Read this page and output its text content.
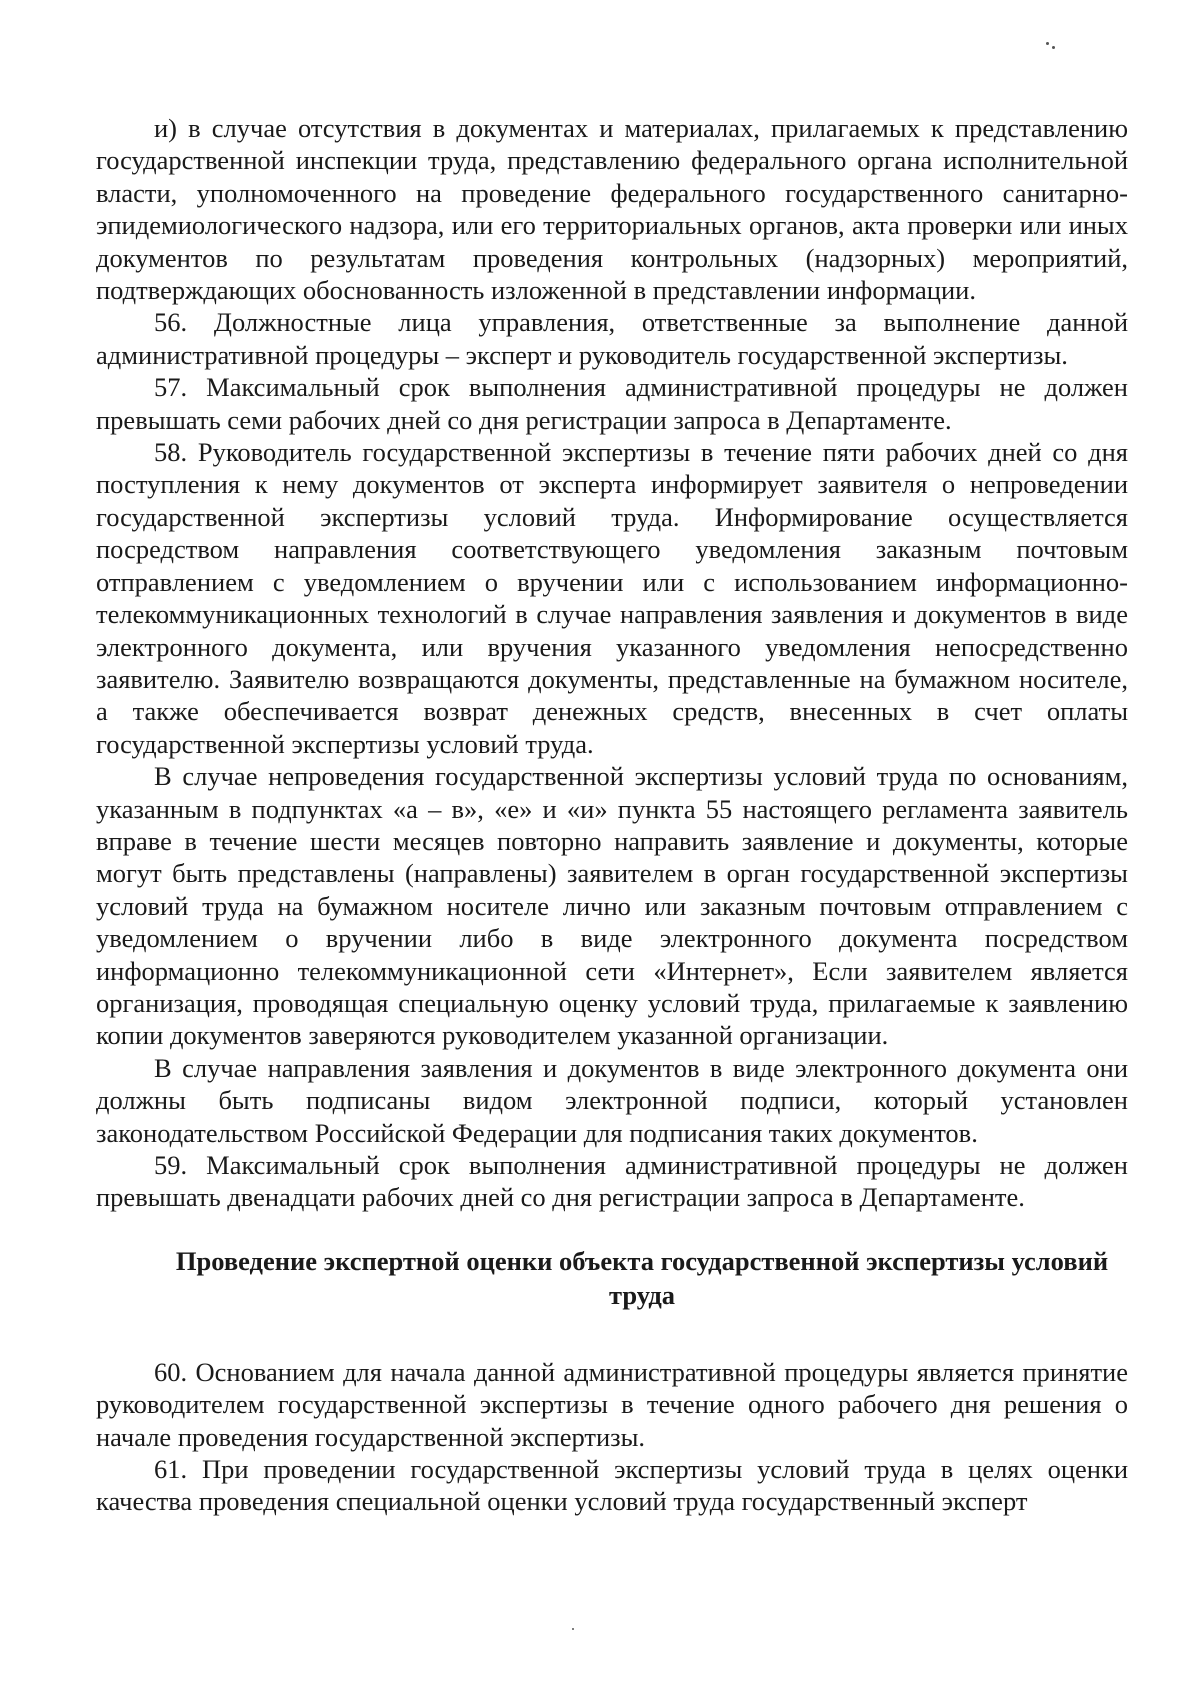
и) в случае отсутствия в документах и материалах, прилагаемых к представлению государственной инспекции труда, представлению федерального органа исполнительной власти, уполномоченного на проведение федерального государственного санитарно-эпидемиологического надзора, или его территориальных органов, акта проверки или иных документов по результатам проведения контрольных (надзорных) мероприятий, подтверждающих обоснованность изложенной в представлении информации.

56. Должностные лица управления, ответственные за выполнение данной административной процедуры – эксперт и руководитель государственной экспертизы.

57. Максимальный срок выполнения административной процедуры не должен превышать семи рабочих дней со дня регистрации запроса в Департаменте.

58. Руководитель государственной экспертизы в течение пяти рабочих дней со дня поступления к нему документов от эксперта информирует заявителя о непроведении государственной экспертизы условий труда. Информирование осуществляется посредством направления соответствующего уведомления заказным почтовым отправлением с уведомлением о вручении или с использованием информационно-телекоммуникационных технологий в случае направления заявления и документов в виде электронного документа, или вручения указанного уведомления непосредственно заявителю. Заявителю возвращаются документы, представленные на бумажном носителе, а также обеспечивается возврат денежных средств, внесенных в счет оплаты государственной экспертизы условий труда.

В случае непроведения государственной экспертизы условий труда по основаниям, указанным в подпунктах «а – в», «е» и «и» пункта 55 настоящего регламента заявитель вправе в течение шести месяцев повторно направить заявление и документы, которые могут быть представлены (направлены) заявителем в орган государственной экспертизы условий труда на бумажном носителе лично или заказным почтовым отправлением с уведомлением о вручении либо в виде электронного документа посредством информационно телекоммуникационной сети «Интернет», Если заявителем является организация, проводящая специальную оценку условий труда, прилагаемые к заявлению копии документов заверяются руководителем указанной организации.

В случае направления заявления и документов в виде электронного документа они должны быть подписаны видом электронной подписи, который установлен законодательством Российской Федерации для подписания таких документов.

59. Максимальный срок выполнения административной процедуры не должен превышать двенадцати рабочих дней со дня регистрации запроса в Департаменте.

Проведение экспертной оценки объекта государственной экспертизы условий труда

60. Основанием для начала данной административной процедуры является принятие руководителем государственной экспертизы в течение одного рабочего дня решения о начале проведения государственной экспертизы.

61. При проведении государственной экспертизы условий труда в целях оценки качества проведения специальной оценки условий труда государственный эксперт
